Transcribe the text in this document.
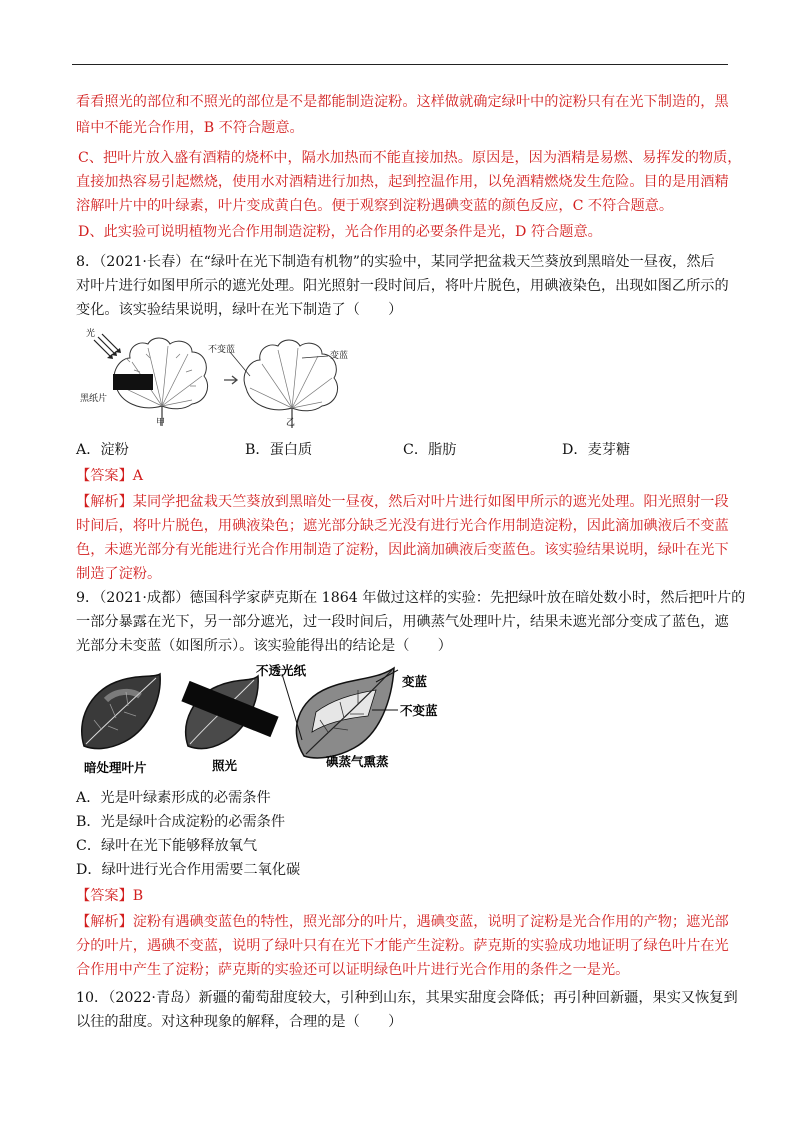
看看照光的部位和不照光的部位是不是都能制造淀粉。这样做就确定绿叶中的淀粉只有在光下制造的，黑
暗中不能光合作用，B 不符合题意。
C、把叶片放入盛有酒精的烧杯中，隔水加热而不能直接加热。原因是，因为酒精是易燃、易挥发的物质，
直接加热容易引起燃烧，使用水对酒精进行加热，起到控温作用，以免酒精燃烧发生危险。目的是用酒精
溶解叶片中的叶绿素，叶片变成黄白色。便于观察到淀粉遇碘变蓝的颜色反应，C 不符合题意。
D、此实验可说明植物光合作用制造淀粉，光合作用的必要条件是光，D 符合题意。
8．（2021·长春）在“绿叶在光下制造有机物”的实验中，某同学把盆栽天竺葵放到黑暗处一昼夜，然后
对叶片进行如图甲所示的遮光处理。阳光照射一段时间后，将叶片脱色，用碘液染色，出现如图乙所示的
变化。该实验结果说明，绿叶在光下制造了（　　）
光
黑纸片
不变蓝
变蓝
甲	乙
A．淀粉	B．蛋白质	C．脂肪	D．麦芽糖
【答案】A
【解析】某同学把盆栽天竺葵放到黑暗处一昼夜，然后对叶片进行如图甲所示的遮光处理。阳光照射一段
时间后，将叶片脱色，用碘液染色；遮光部分缺乏光没有进行光合作用制造淀粉，因此滴加碘液后不变蓝
色，未遮光部分有光能进行光合作用制造了淀粉，因此滴加碘液后变蓝色。该实验结果说明，绿叶在光下
制造了淀粉。
9．（2021·成都）德国科学家萨克斯在 1864 年做过这样的实验：先把绿叶放在暗处数小时，然后把叶片的
一部分暴露在光下，另一部分遮光，过一段时间后，用碘蒸气处理叶片，结果未遮光部分变成了蓝色，遮
光部分未变蓝（如图所示）。该实验能得出的结论是（　　）
不透光纸
变蓝
不变蓝
暗处理叶片	照光	碘蒸气熏蒸
A．光是叶绿素形成的必需条件
B．光是绿叶合成淀粉的必需条件
C．绿叶在光下能够释放氧气
D．绿叶进行光合作用需要二氧化碳
【答案】B
【解析】淀粉有遇碘变蓝色的特性，照光部分的叶片，遇碘变蓝，说明了淀粉是光合作用的产物；遮光部
分的叶片，遇碘不变蓝，说明了绿叶只有在光下才能产生淀粉。萨克斯的实验成功地证明了绿色叶片在光
合作用中产生了淀粉；萨克斯的实验还可以证明绿色叶片进行光合作用的条件之一是光。
10．（2022·青岛）新疆的葡萄甜度较大，引种到山东，其果实甜度会降低；再引种回新疆，果实又恢复到
以往的甜度。对这种现象的解释，合理的是（　　）
